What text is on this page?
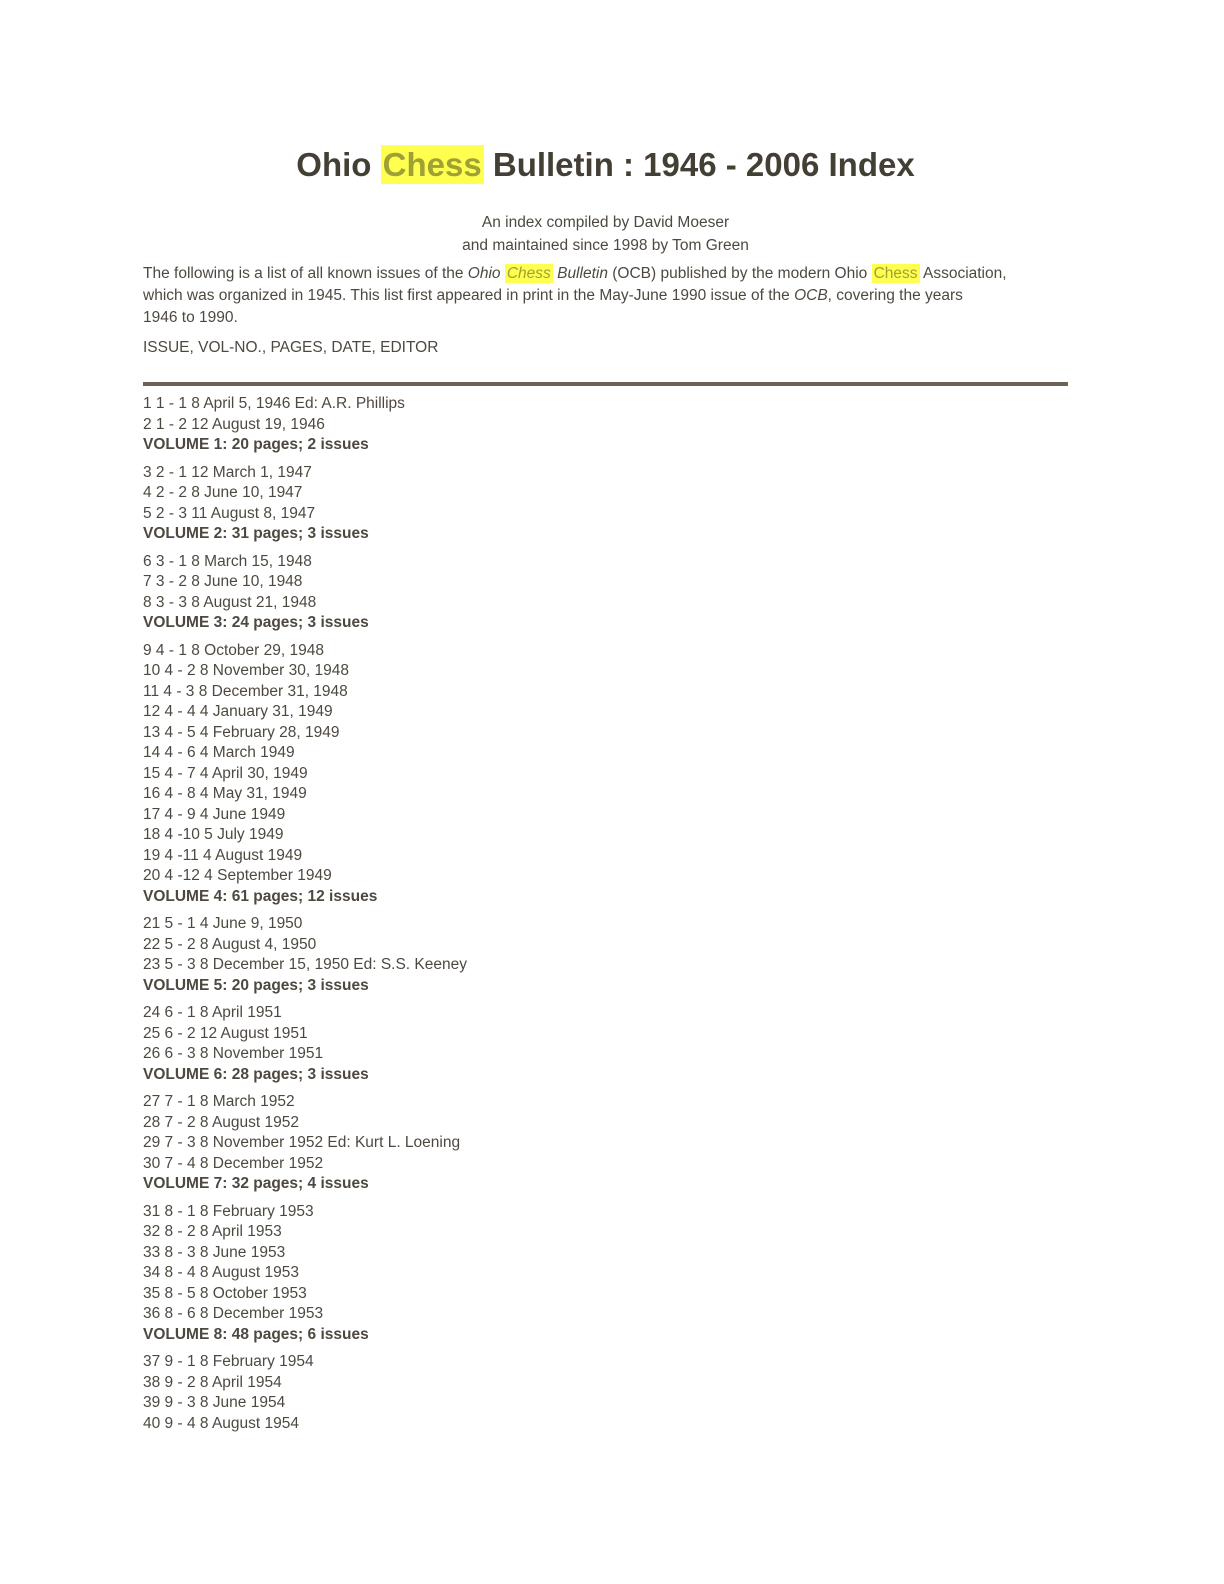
Ohio Chess Bulletin : 1946 - 2006 Index
An index compiled by David Moeser
and maintained since 1998 by Tom Green

The following is a list of all known issues of the Ohio Chess Bulletin (OCB) published by the modern Ohio Chess Association,
which was organized in 1945. This list first appeared in print in the May-June 1990 issue of the OCB, covering the years
1946 to 1990.

ISSUE, VOL-NO., PAGES, DATE, EDITOR

1 1 - 1 8 April 5, 1946 Ed: A.R. Phillips
2 1 - 2 12 August 19, 1946
VOLUME 1: 20 pages; 2 issues

3 2 - 1 12 March 1, 1947
4 2 - 2 8 June 10, 1947
5 2 - 3 11 August 8, 1947
VOLUME 2: 31 pages; 3 issues

6 3 - 1 8 March 15, 1948
7 3 - 2 8 June 10, 1948
8 3 - 3 8 August 21, 1948
VOLUME 3: 24 pages; 3 issues

9 4 - 1 8 October 29, 1948
10 4 - 2 8 November 30, 1948
11 4 - 3 8 December 31, 1948
12 4 - 4 4 January 31, 1949
13 4 - 5 4 February 28, 1949
14 4 - 6 4 March 1949
15 4 - 7 4 April 30, 1949
16 4 - 8 4 May 31, 1949
17 4 - 9 4 June 1949
18 4 -10 5 July 1949
19 4 -11 4 August 1949
20 4 -12 4 September 1949
VOLUME 4: 61 pages; 12 issues

21 5 - 1 4 June 9, 1950
22 5 - 2 8 August 4, 1950
23 5 - 3 8 December 15, 1950 Ed: S.S. Keeney
VOLUME 5: 20 pages; 3 issues

24 6 - 1 8 April 1951
25 6 - 2 12 August 1951
26 6 - 3 8 November 1951
VOLUME 6: 28 pages; 3 issues

27 7 - 1 8 March 1952
28 7 - 2 8 August 1952
29 7 - 3 8 November 1952 Ed: Kurt L. Loening
30 7 - 4 8 December 1952
VOLUME 7: 32 pages; 4 issues

31 8 - 1 8 February 1953
32 8 - 2 8 April 1953
33 8 - 3 8 June 1953
34 8 - 4 8 August 1953
35 8 - 5 8 October 1953
36 8 - 6 8 December 1953
VOLUME 8: 48 pages; 6 issues

37 9 - 1 8 February 1954
38 9 - 2 8 April 1954
39 9 - 3 8 June 1954
40 9 - 4 8 August 1954
